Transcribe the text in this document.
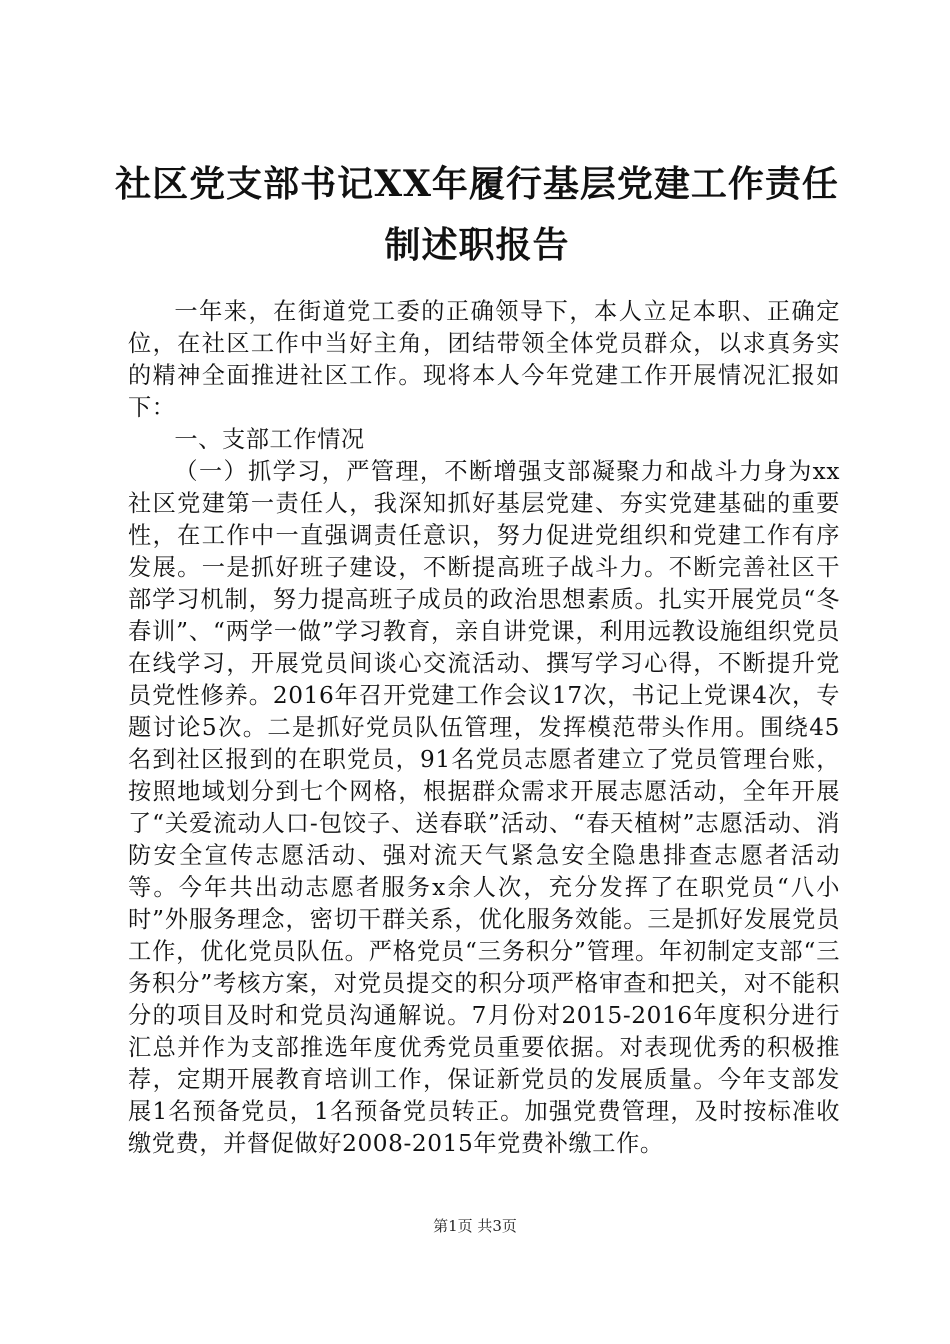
社区党支部书记XX年履行基层党建工作责任
制述职报告

一年来，在街道党工委的正确领导下，本人立足本职、正确定位，在社区工作中当好主角，团结带领全体党员群众，以求真务实的精神全面推进社区工作。现将本人今年党建工作开展情况汇报如下：

一、支部工作情况

（一）抓学习，严管理，不断增强支部凝聚力和战斗力身为xx社区党建第一责任人，我深知抓好基层党建、夯实党建基础的重要性，在工作中一直强调责任意识，努力促进党组织和党建工作有序发展。一是抓好班子建设，不断提高班子战斗力。不断完善社区干部学习机制，努力提高班子成员的政治思想素质。扎实开展党员“冬春训”、“两学一做”学习教育，亲自讲党课，利用远教设施组织党员在线学习，开展党员间谈心交流活动、撰写学习心得，不断提升党员党性修养。2016年召开党建工作会议17次，书记上党课4次，专题讨论5次。二是抓好党员队伍管理，发挥模范带头作用。围绕45名到社区报到的在职党员，91名党员志愿者建立了党员管理台账，按照地域划分到七个网格，根据群众需求开展志愿活动，全年开展了“关爱流动人口-包饺子、送春联”活动、“春天植树”志愿活动、消防安全宣传志愿活动、强对流天气紧急安全隐患排查志愿者活动等。今年共出动志愿者服务x余人次，充分发挥了在职党员“八小时”外服务理念，密切干群关系，优化服务效能。三是抓好发展党员工作，优化党员队伍。严格党员“三务积分”管理。年初制定支部“三务积分”考核方案，对党员提交的积分项严格审查和把关，对不能积分的项目及时和党员沟通解说。7月份对2015-2016年度积分进行汇总并作为支部推选年度优秀党员重要依据。对表现优秀的积极推荐，定期开展教育培训工作，保证新党员的发展质量。今年支部发展1名预备党员，1名预备党员转正。加强党费管理，及时按标准收缴党费，并督促做好2008-2015年党费补缴工作。

第1页 共3页
